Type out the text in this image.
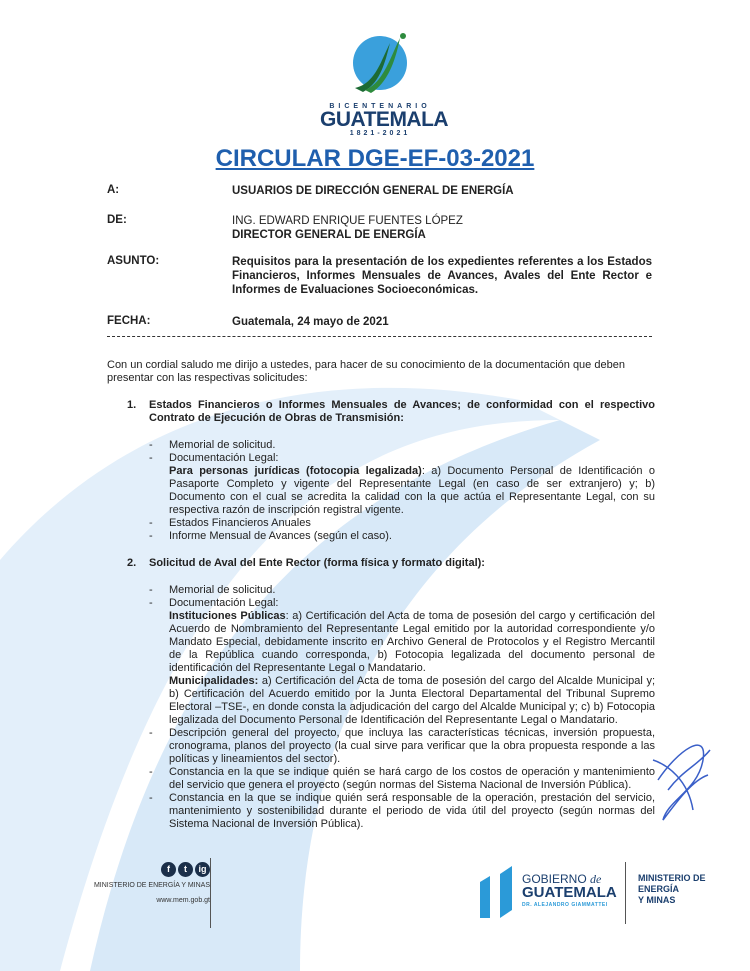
BICENTENARIO
GUATEMALA
1821-2021
CIRCULAR DGE-EF-03-2021
A:	USUARIOS DE DIRECCIÓN GENERAL DE ENERGÍA
DE:	ING. EDWARD ENRIQUE FUENTES LÓPEZ
DIRECTOR GENERAL DE ENERGÍA
ASUNTO:	Requisitos para la presentación de los expedientes referentes a los Estados Financieros, Informes Mensuales de Avances, Avales del Ente Rector e Informes de Evaluaciones Socioeconómicas.
FECHA:	Guatemala, 24 mayo de 2021

Con un cordial saludo me dirijo a ustedes, para hacer de su conocimiento de la documentación que deben presentar con las respectivas solicitudes:

1.	Estados Financieros o Informes Mensuales de Avances; de conformidad con el respectivo Contrato de Ejecución de Obras de Transmisión:
-	Memorial de solicitud.
-	Documentación Legal:

Para personas jurídicas (fotocopia legalizada): a) Documento Personal de Identificación o Pasaporte Completo y vigente del Representante Legal (en caso de ser extranjero) y; b) Documento con el cual se acredita la calidad con la que actúa el Representante Legal, con su respectiva razón de inscripción registral vigente.

-	Estados Financieros Anuales
-	Informe Mensual de Avances (según el caso).
2.	Solicitud de Aval del Ente Rector (forma física y formato digital):
-	Memorial de solicitud.
-	Documentación Legal:

Instituciones Públicas: a) Certificación del Acta de toma de posesión del cargo y certificación del Acuerdo de Nombramiento del Representante Legal emitido por la autoridad correspondiente y/o Mandato Especial, debidamente inscrito en Archivo General de Protocolos y el Registro Mercantil de la República cuando corresponda, b) Fotocopia legalizada del documento personal de identificación del Representante Legal o Mandatario.

Municipalidades: a) Certificación del Acta de toma de posesión del cargo del Alcalde Municipal y; b) Certificación del Acuerdo emitido por la Junta Electoral Departamental del Tribunal Supremo Electoral –TSE-, en donde consta la adjudicación del cargo del Alcalde Municipal y; c) b) Fotocopia legalizada del Documento Personal de Identificación del Representante Legal o Mandatario.

-	Descripción general del proyecto, que incluya las características técnicas, inversión propuesta, cronograma, planos del proyecto (la cual sirve para verificar que la obra propuesta responde a las políticas y lineamientos del sector).
-	Constancia en la que se indique quién se hará cargo de los costos de operación y mantenimiento del servicio que genera el proyecto (según normas del Sistema Nacional de Inversión Pública).
-	Constancia en la que se indique quién será responsable de la operación, prestación del servicio, mantenimiento y sostenibilidad durante el periodo de vida útil del proyecto (según normas del Sistema Nacional de Inversión Pública).
f t ig
MINISTERIO DE ENERGÍA Y MINAS
www.mem.gob.gt
GOBIERNO de
GUATEMALA
DR. ALEJANDRO GIAMMATTEI
MINISTERIO DE
ENERGÍA
Y MINAS
